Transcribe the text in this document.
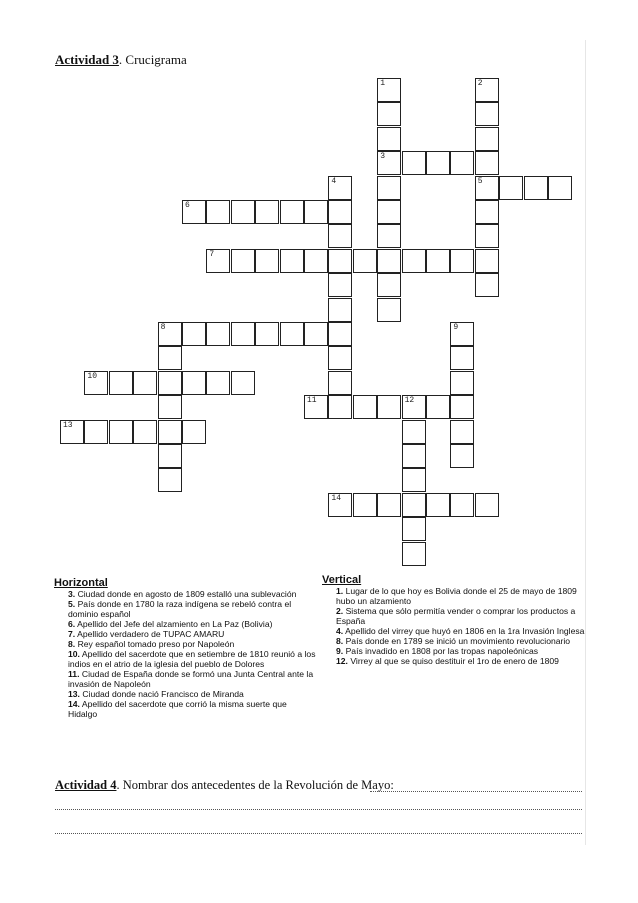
Actividad 3. Crucigrama
1	2
3
4	5
6
7
8	9
10
11	12
13
14
Horizontal

3. Ciudad donde en agosto de 1809 estalló una sublevación

5. País donde en 1780 la raza indígena se rebeló contra el dominio español

6. Apellido del Jefe del alzamiento en La Paz (Bolivia)

7. Apellido verdadero de TUPAC AMARU

8. Rey español tomado preso por Napoleón

10. Apellido del sacerdote que en setiembre de 1810 reunió a los indios en el atrio de la iglesia del pueblo de Dolores

11. Ciudad de España donde se formó una Junta Central ante la invasión de Napoleón

13. Ciudad donde nació Francisco de Miranda

14. Apellido del sacerdote que corrió la misma suerte que Hidalgo

Vertical

1. Lugar de lo que hoy es Bolivia donde el 25 de mayo de 1809 hubo un alzamiento

2. Sistema que sólo permitía vender o comprar los productos a España

4. Apellido del virrey que huyó en 1806 en la 1ra Invasión Inglesa

8. País donde en 1789 se inició un movimiento revolucionario

9. País invadido en 1808 por las tropas napoleónicas

12. Virrey al que se quiso destituir el 1ro de enero de 1809

Actividad 4. Nombrar dos antecedentes de la Revolución de Mayo:
